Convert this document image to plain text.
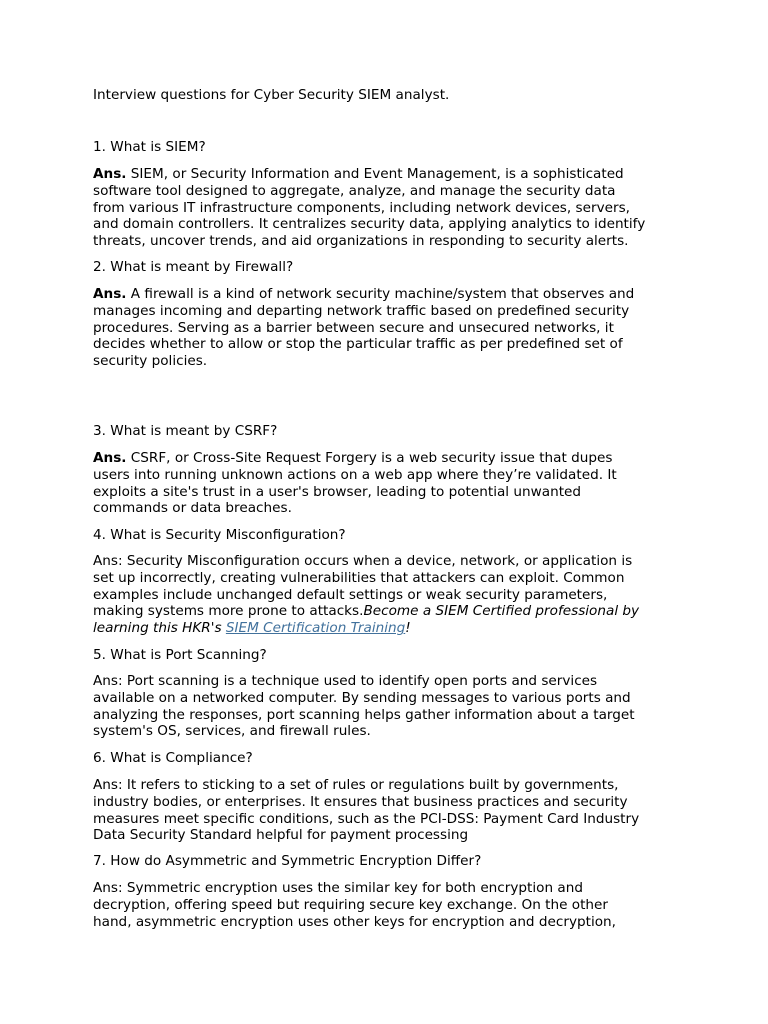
Interview questions for Cyber Security SIEM analyst.
1. What is SIEM?
Ans. SIEM, or Security Information and Event Management, is a sophisticated
software tool designed to aggregate, analyze, and manage the security data
from various IT infrastructure components, including network devices, servers,
and domain controllers. It centralizes security data, applying analytics to identify
threats, uncover trends, and aid organizations in responding to security alerts.
2. What is meant by Firewall?
Ans. A firewall is a kind of network security machine/system that observes and
manages incoming and departing network traffic based on predefined security
procedures. Serving as a barrier between secure and unsecured networks, it
decides whether to allow or stop the particular traffic as per predefined set of
security policies.
3. What is meant by CSRF?
Ans. CSRF, or Cross-Site Request Forgery is a web security issue that dupes
users into running unknown actions on a web app where they’re validated. It
exploits a site's trust in a user's browser, leading to potential unwanted
commands or data breaches.
4. What is Security Misconfiguration?
Ans: Security Misconfiguration occurs when a device, network, or application is
set up incorrectly, creating vulnerabilities that attackers can exploit. Common
examples include unchanged default settings or weak security parameters,
making systems more prone to attacks.Become a SIEM Certified professional by
learning this HKR's SIEM Certification Training!
5. What is Port Scanning?
Ans: Port scanning is a technique used to identify open ports and services
available on a networked computer. By sending messages to various ports and
analyzing the responses, port scanning helps gather information about a target
system's OS, services, and firewall rules.
6. What is Compliance?
Ans: It refers to sticking to a set of rules or regulations built by governments,
industry bodies, or enterprises. It ensures that business practices and security
measures meet specific conditions, such as the PCI-DSS: Payment Card Industry
Data Security Standard helpful for payment processing
7. How do Asymmetric and Symmetric Encryption Differ?
Ans: Symmetric encryption uses the similar key for both encryption and
decryption, offering speed but requiring secure key exchange. On the other
hand, asymmetric encryption uses other keys for encryption and decryption,
